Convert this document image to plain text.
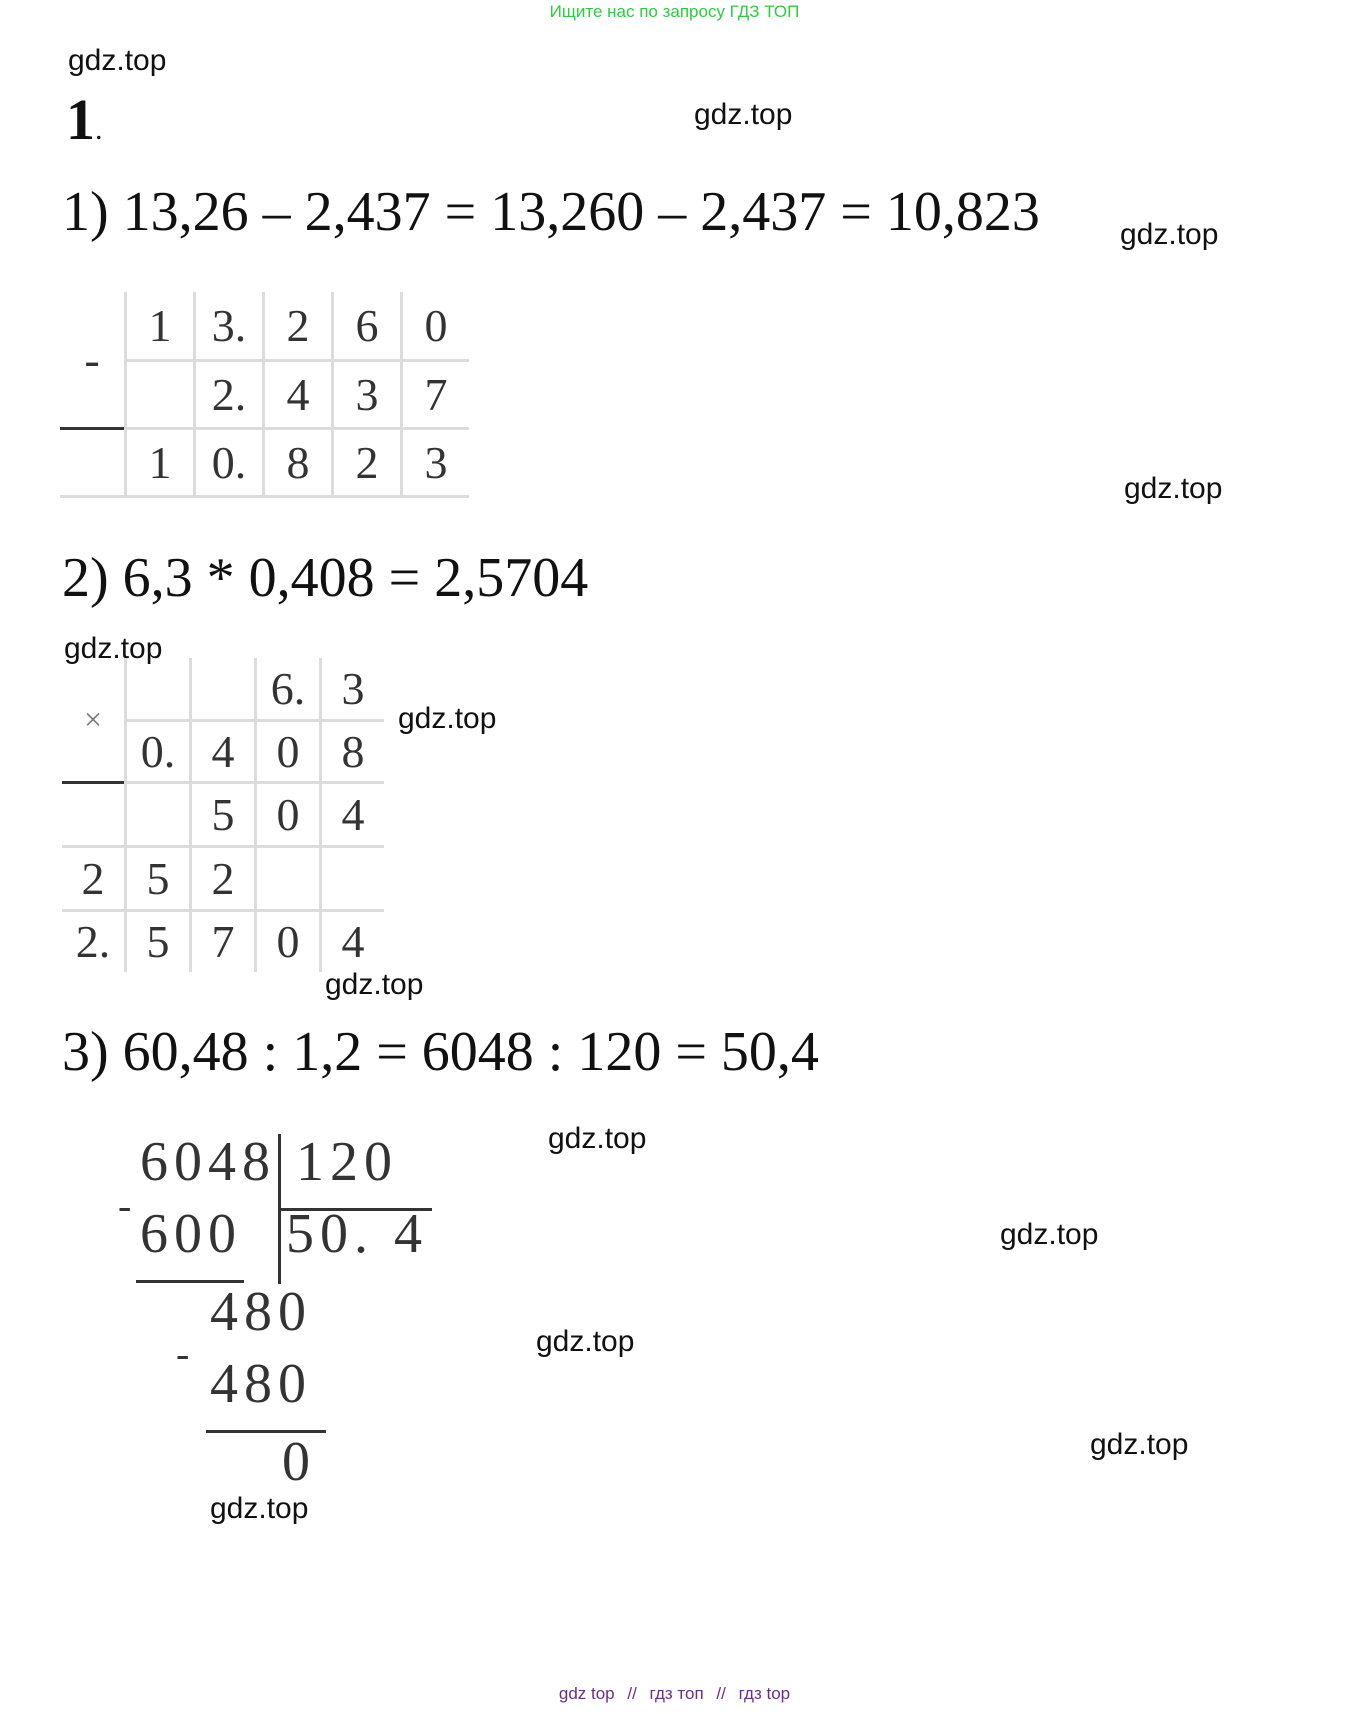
Ищите нас по запросу ГДЗ ТОП
gdz.top
gdz.top
gdz.top
gdz.top
gdz.top
gdz.top
gdz.top
gdz.top
gdz.top
gdz.top
gdz.top
gdz.top
1.
1) 13,26 – 2,437 = 13,260 – 2,437 = 10,823
-	1	3.	2	6	0
		2.	4	3	7
	1	0.	8	2	3
2) 6,3 * 0,408 = 2,5704
×			6.	3
	0.	4	0	8
		5	0	4
2	5	2		
2.	5	7	0	4
3) 60,48 : 1,2 = 6048 : 120 = 50,4
6048 120
- 600 50. 4
480
- 480
0
gdz top // гдз топ // гдз top
